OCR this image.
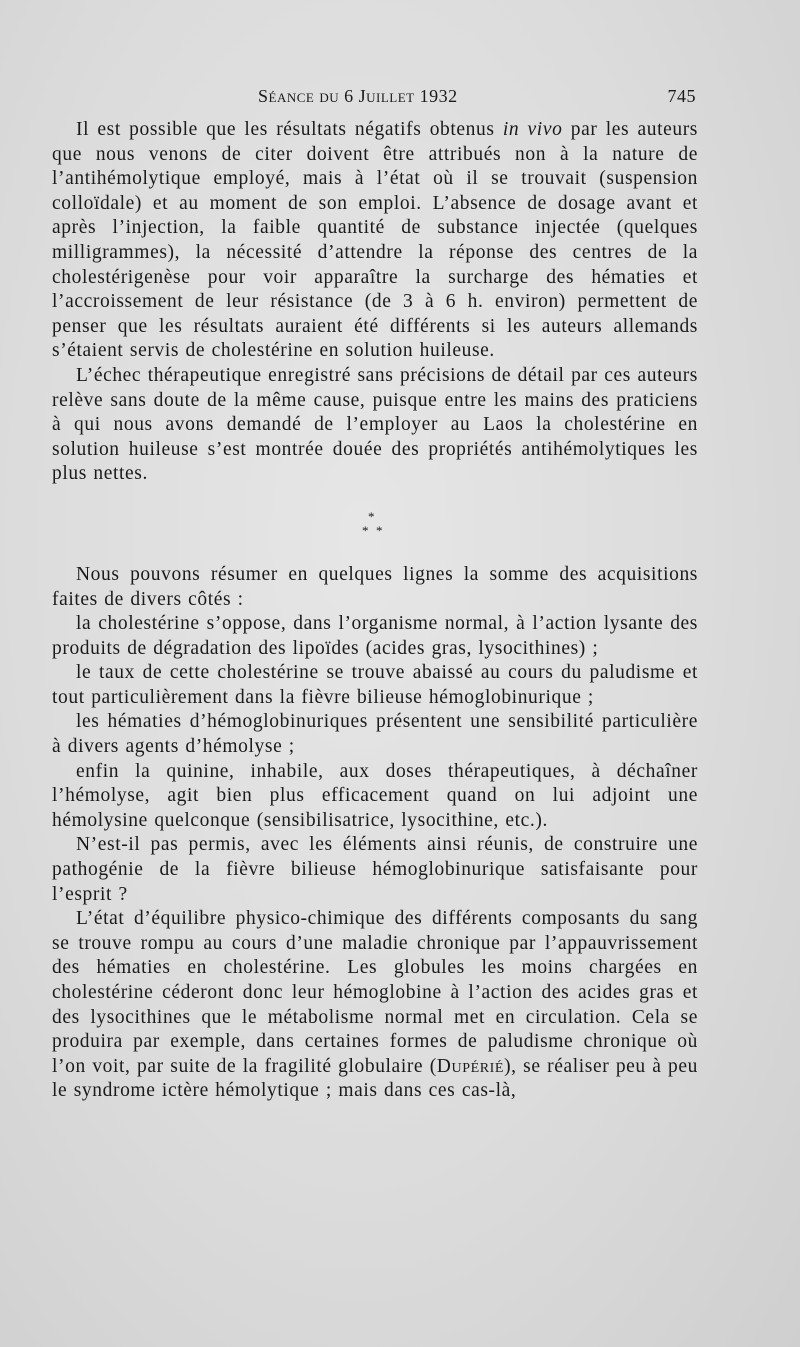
Séance du 6 Juillet 1932	745

Il est possible que les résultats négatifs obtenus in vivo par les auteurs que nous venons de citer doivent être attribués non à la nature de l’antihémolytique employé, mais à l’état où il se trouvait (suspension colloïdale) et au moment de son emploi. L’absence de dosage avant et après l’injection, la faible quantité de substance injectée (quelques milligrammes), la nécessité d’attendre la réponse des centres de la cholestérigenèse pour voir apparaître la surcharge des hématies et l’accroissement de leur résistance (de 3 à 6 h. environ) permettent de penser que les résultats auraient été différents si les auteurs allemands s’étaient servis de cholestérine en solution huileuse.

L’échec thérapeutique enregistré sans précisions de détail par ces auteurs relève sans doute de la même cause, puisque entre les mains des praticiens à qui nous avons demandé de l’employer au Laos la cholestérine en solution huileuse s’est montrée douée des propriétés antihémolytiques les plus nettes.

*
* *

Nous pouvons résumer en quelques lignes la somme des acquisitions faites de divers côtés :

la cholestérine s’oppose, dans l’organisme normal, à l’action lysante des produits de dégradation des lipoïdes (acides gras, lysocithines) ;

le taux de cette cholestérine se trouve abaissé au cours du paludisme et tout particulièrement dans la fièvre bilieuse hémoglobinurique ;

les hématies d’hémoglobinuriques présentent une sensibilité particulière à divers agents d’hémolyse ;

enfin la quinine, inhabile, aux doses thérapeutiques, à déchaîner l’hémolyse, agit bien plus efficacement quand on lui adjoint une hémolysine quelconque (sensibilisatrice, lysocithine, etc.).

N’est-il pas permis, avec les éléments ainsi réunis, de construire une pathogénie de la fièvre bilieuse hémoglobinurique satisfaisante pour l’esprit ?

L’état d’équilibre physico-chimique des différents composants du sang se trouve rompu au cours d’une maladie chronique par l’appauvrissement des hématies en cholestérine. Les globules les moins chargées en cholestérine céderont donc leur hémoglobine à l’action des acides gras et des lysocithines que le métabolisme normal met en circulation. Cela se produira par exemple, dans certaines formes de paludisme chronique où l’on voit, par suite de la fragilité globulaire (Dupérié), se réaliser peu à peu le syndrome ictère hémolytique ; mais dans ces cas-là,
